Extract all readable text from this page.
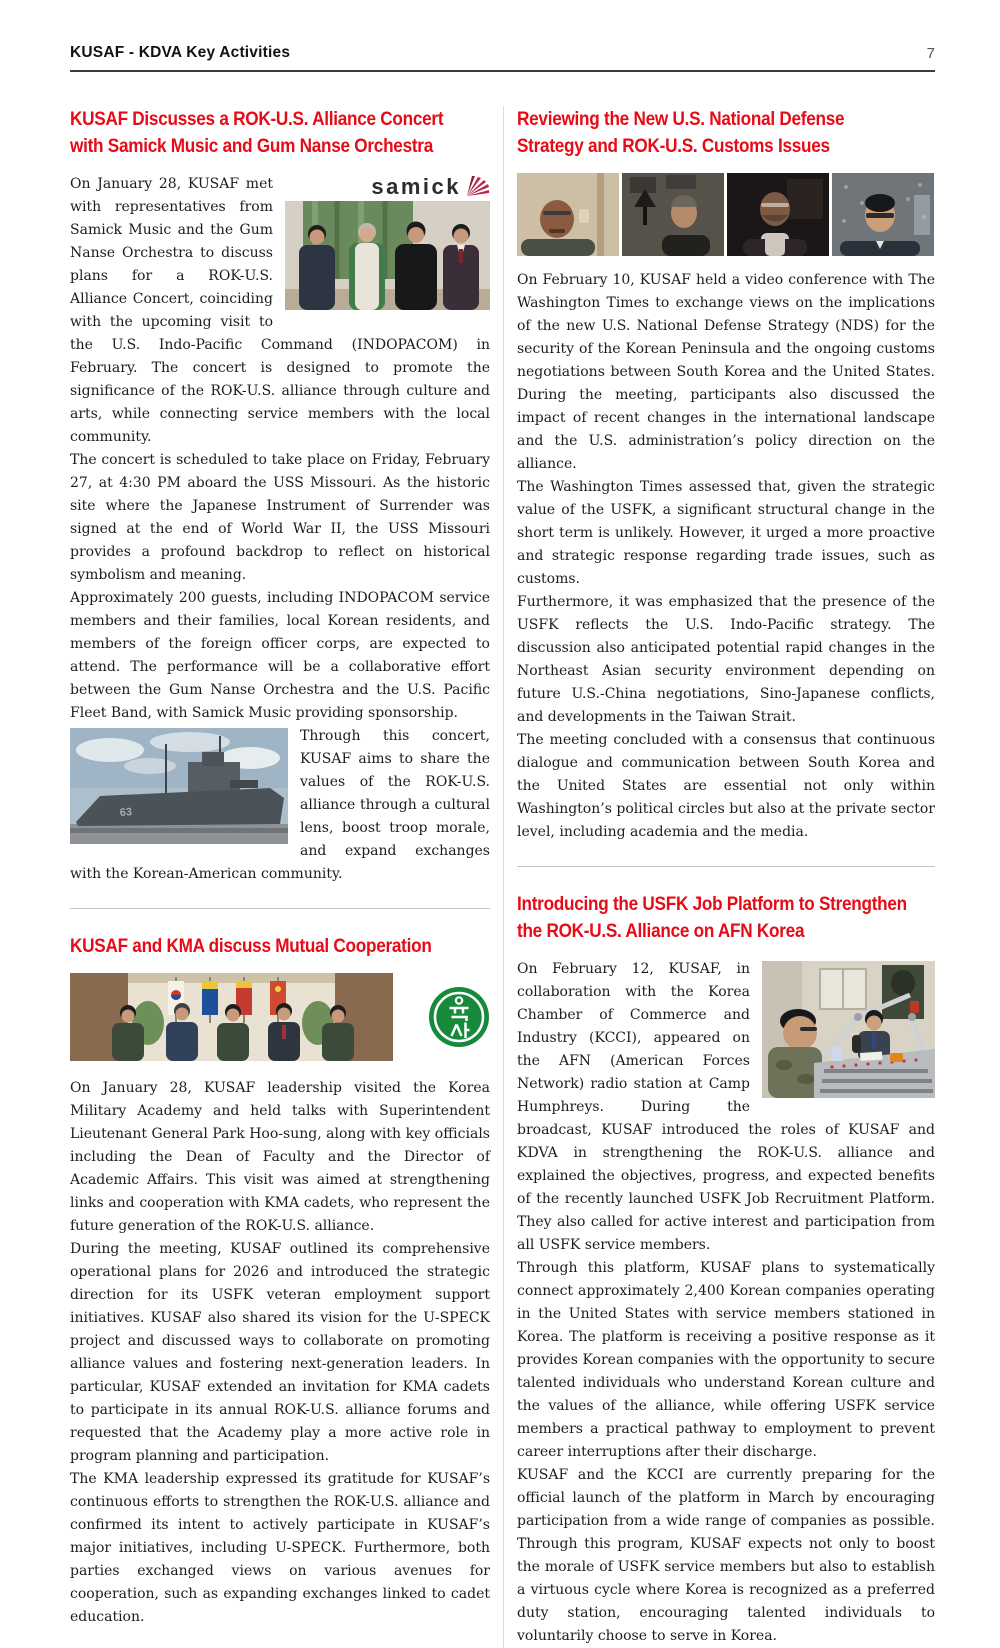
KUSAF - KDVA Key Activities	7
KUSAF Discusses a ROK-U.S. Alliance Concert
with Samick Music and Gum Nanse Orchestra
samick

On January 28, KUSAF met with representatives from Samick Music and the Gum Nanse Orchestra to discuss plans for a ROK-U.S. Alliance Concert, coinciding with the upcoming visit to the U.S. Indo-Pacific Command (INDOPACOM) in February. The concert is designed to promote the significance of the ROK-U.S. alliance through culture and arts, while connecting service members with the local community.

The concert is scheduled to take place on Friday, February 27, at 4:30 PM aboard the USS Missouri. As the historic site where the Japanese Instrument of Surrender was signed at the end of World War II, the USS Missouri provides a profound backdrop to reflect on historical symbolism and meaning.

Approximately 200 guests, including INDOPACOM service members and their families, local Korean residents, and members of the foreign officer corps, are expected to attend. The performance will be a collaborative effort between the Gum Nanse Orchestra and the U.S. Pacific Fleet Band, with Samick Music providing sponsorship.

63

Through this concert, KUSAF aims to share the values of the ROK-U.S. alliance through a cultural lens, boost troop morale, and expand exchanges with the Korean-American community.

KUSAF and KMA discuss Mutual Cooperation

On January 28, KUSAF leadership visited the Korea Military Academy and held talks with Superintendent Lieutenant General Park Hoo-sung, along with key officials including the Dean of Faculty and the Director of Academic Affairs. This visit was aimed at strengthening links and cooperation with KMA cadets, who represent the future generation of the ROK-U.S. alliance.

During the meeting, KUSAF outlined its comprehensive operational plans for 2026 and introduced the strategic direction for its USFK veteran employment support initiatives. KUSAF also shared its vision for the U-SPECK project and discussed ways to collaborate on promoting alliance values and fostering next-generation leaders. In particular, KUSAF extended an invitation for KMA cadets to participate in its annual ROK-U.S. alliance forums and requested that the Academy play a more active role in program planning and participation.

The KMA leadership expressed its gratitude for KUSAF’s continuous efforts to strengthen the ROK-U.S. alliance and confirmed its intent to actively participate in KUSAF’s major initiatives, including U-SPECK. Furthermore, both parties exchanged views on various avenues for cooperation, such as expanding exchanges linked to cadet education.

Reviewing the New U.S. National Defense
Strategy and ROK-U.S. Customs Issues

On February 10, KUSAF held a video conference with The Washington Times to exchange views on the implications of the new U.S. National Defense Strategy (NDS) for the security of the Korean Peninsula and the ongoing customs negotiations between South Korea and the United States. During the meeting, participants also discussed the impact of recent changes in the international landscape and the U.S. administration’s policy direction on the alliance.

The Washington Times assessed that, given the strategic value of the USFK, a significant structural change in the short term is unlikely. However, it urged a more proactive and strategic response regarding trade issues, such as customs.

Furthermore, it was emphasized that the presence of the USFK reflects the U.S. Indo-Pacific strategy. The discussion also anticipated potential rapid changes in the Northeast Asian security environment depending on future U.S.-China negotiations, Sino-Japanese conflicts, and developments in the Taiwan Strait.

The meeting concluded with a consensus that continuous dialogue and communication between South Korea and the United States are essential not only within Washington’s political circles but also at the private sector level, including academia and the media.

Introducing the USFK Job Platform to Strengthen
the ROK-U.S. Alliance on AFN Korea

On February 12, KUSAF, in collaboration with the Korea Chamber of Commerce and Industry (KCCI), appeared on the AFN (American Forces Network) radio station at Camp Humphreys. During the broadcast, KUSAF introduced the roles of KUSAF and KDVA in strengthening the ROK-U.S. alliance and explained the objectives, progress, and expected benefits of the recently launched USFK Job Recruitment Platform. They also called for active interest and participation from all USFK service members.

Through this platform, KUSAF plans to systematically connect approximately 2,400 Korean companies operating in the United States with service members stationed in Korea. The platform is receiving a positive response as it provides Korean companies with the opportunity to secure talented individuals who understand Korean culture and the values of the alliance, while offering USFK service members a practical pathway to employment to prevent career interruptions after their discharge.

KUSAF and the KCCI are currently preparing for the official launch of the platform in March by encouraging participation from a wide range of companies as possible. Through this program, KUSAF expects not only to boost the morale of USFK service members but also to establish a virtuous cycle where Korea is recognized as a preferred duty station, encouraging talented individuals to voluntarily choose to serve in Korea.
